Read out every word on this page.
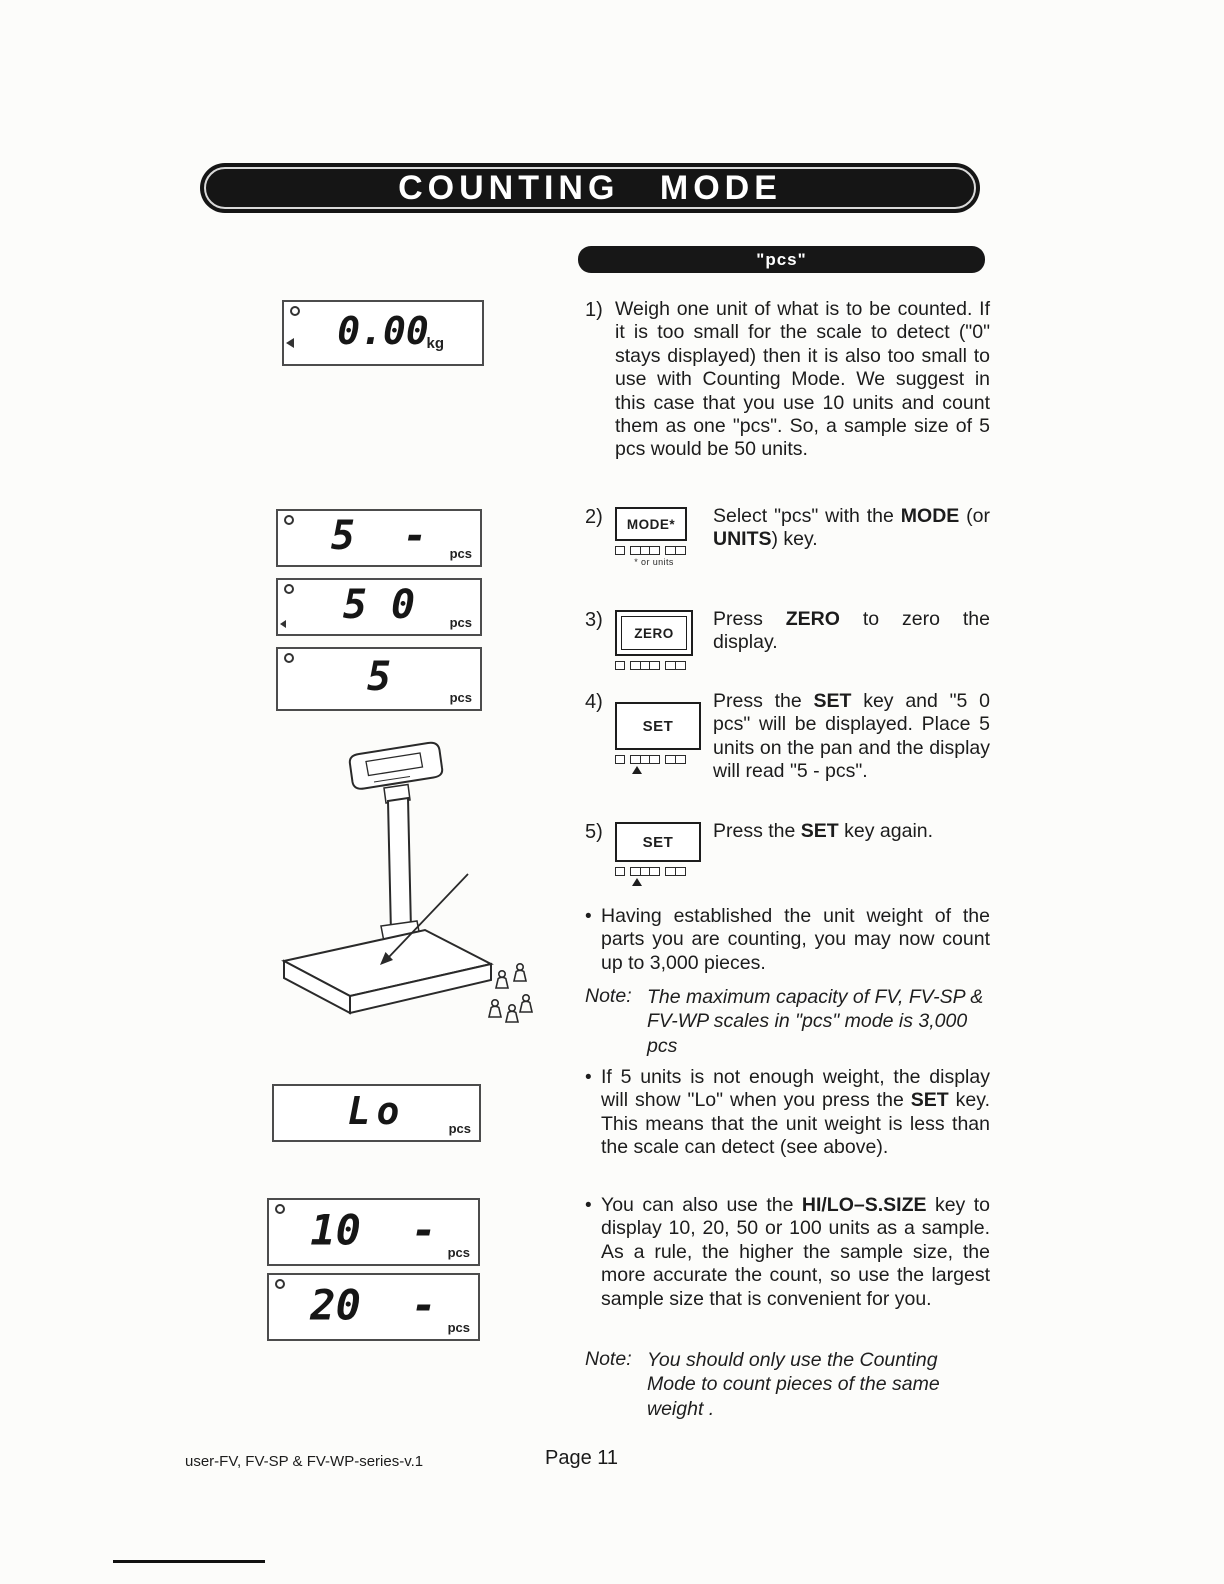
COUNTING MODE
"pcs"
0.00
kg
5  -	pcs
5 0	pcs
5	pcs
Lo	pcs
10  - pcs
20  - pcs
1) Weigh one unit of what is to be counted. If it is too small for the scale to detect ("0" stays displayed) then it is also too small to use with Counting Mode. We suggest in this case that you use 10 units and count them as one "pcs". So, a sample size of 5 pcs would be 50 units.

2)	MODE*
* or units

Select "pcs" with the MODE (or UNITS) key.

3)
ZERO

Press ZERO to zero the display.

4)
SET

Press the SET key and "5 0 pcs" will be displayed. Place 5 units on the pan and the display will read "5 - pcs".

5)	SET Press the SET key again.

• Having established the unit weight of the parts you are counting, you may now count up to 3,000 pieces.

Note: The maximum capacity of FV, FV-SP & FV-WP scales in "pcs" mode is 3,000 pcs

• If 5 units is not enough weight, the display will show "Lo" when you press the SET key. This means that the unit weight is less than the scale can detect (see above).

• You can also use the HI/LO–S.SIZE key to display 10, 20, 50 or 100 units as a sample. As a rule, the higher the sample size, the more accurate the count, so use the largest sample size that is convenient for you.

Note: You should only use the Counting Mode to count pieces of the same weight .

user-FV, FV-SP & FV-WP-series-v.1	Page 11
